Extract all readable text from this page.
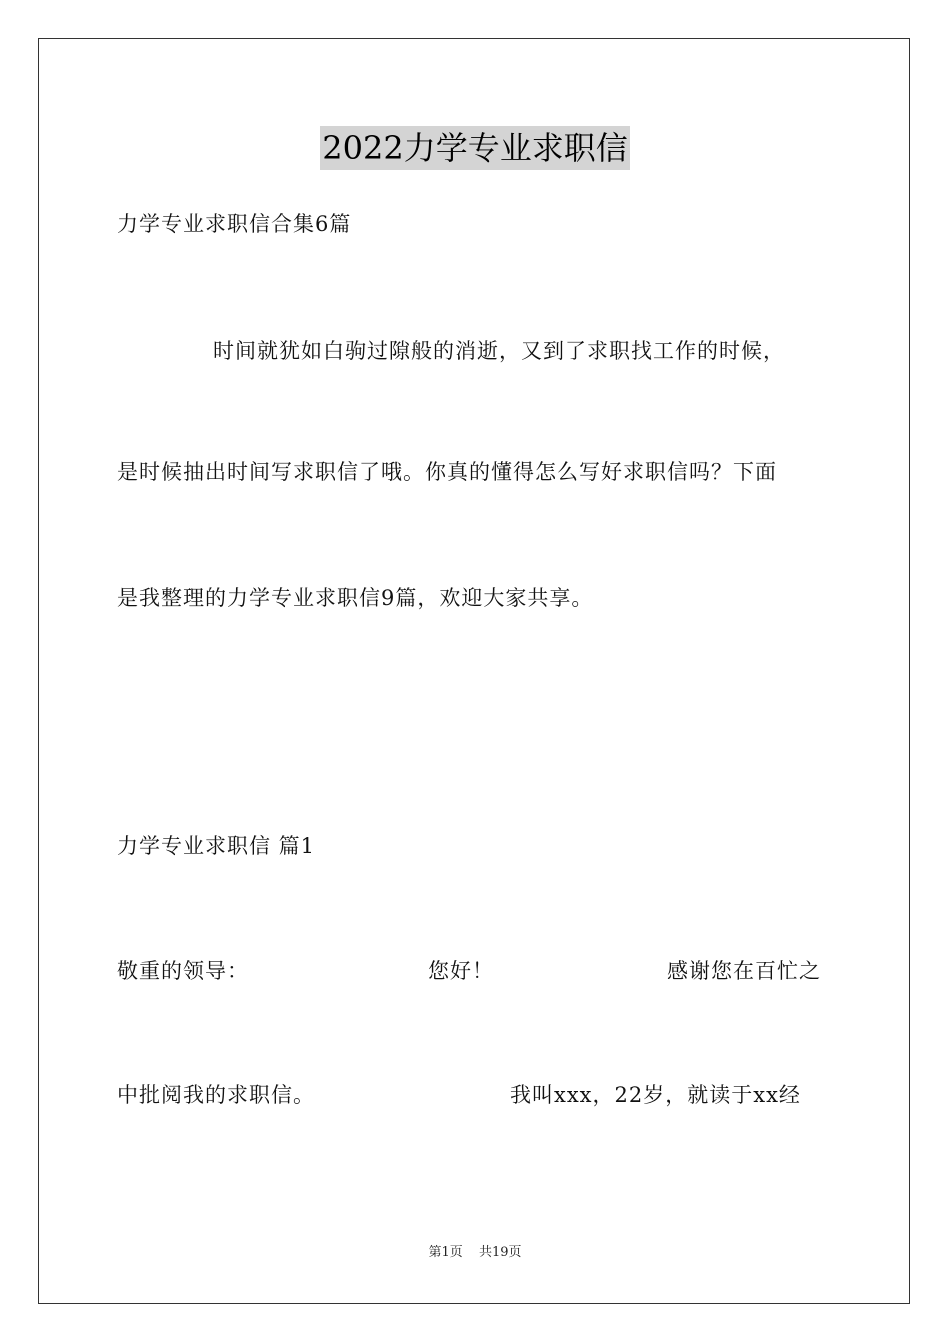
2022力学专业求职信
力学专业求职信合集6篇
时间就犹如白驹过隙般的消逝，又到了求职找工作的时候，
是时候抽出时间写求职信了哦。你真的懂得怎么写好求职信吗？下面
是我整理的力学专业求职信9篇，欢迎大家共享。
力学专业求职信 篇1
敬重的领导：	您好！	感谢您在百忙之
中批阅我的求职信。	我叫xxx，22岁，就读于xx经
第1页 共19页
